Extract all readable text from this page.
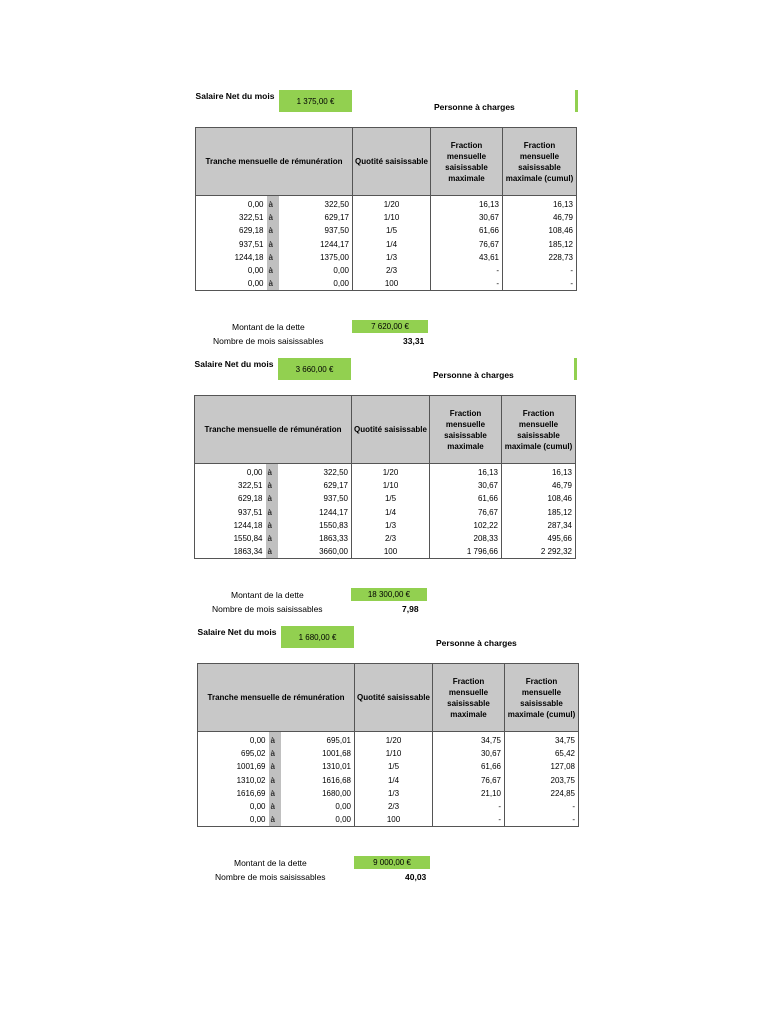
Salaire Net du mois	1 375,00 €
Personne à charges
Tranche mensuelle de rémunération			Quotité saisissable	Fraction mensuelle saisissable maximale	Fraction mensuelle saisissable maximale (cumul)
0,00	à	322,50	1/20	16,13	16,13
322,51	à	629,17	1/10	30,67	46,79
629,18	à	937,50	1/5	61,66	108,46
937,51	à	1244,17	1/4	76,67	185,12
1244,18	à	1375,00	1/3	43,61	228,73
0,00	à	0,00	2/3	-	-
0,00	à	0,00	100	-	-
Montant de la dette	7 620,00 €
Nombre de mois saisissables	33,31
Salaire Net du mois	3 660,00 €
Personne à charges
Tranche mensuelle de rémunération			Quotité saisissable	Fraction mensuelle saisissable maximale	Fraction mensuelle saisissable maximale (cumul)
0,00	à	322,50	1/20	16,13	16,13
322,51	à	629,17	1/10	30,67	46,79
629,18	à	937,50	1/5	61,66	108,46
937,51	à	1244,17	1/4	76,67	185,12
1244,18	à	1550,83	1/3	102,22	287,34
1550,84	à	1863,33	2/3	208,33	495,66
1863,34	à	3660,00	100	1 796,66	2 292,32
Montant de la dette	18 300,00 €
Nombre de mois saisissables	7,98
Salaire Net du mois	1 680,00 €
Personne à charges
Tranche mensuelle de rémunération			Quotité saisissable	Fraction mensuelle saisissable maximale	Fraction mensuelle saisissable maximale (cumul)
0,00	à	695,01	1/20	34,75	34,75
695,02	à	1001,68	1/10	30,67	65,42
1001,69	à	1310,01	1/5	61,66	127,08
1310,02	à	1616,68	1/4	76,67	203,75
1616,69	à	1680,00	1/3	21,10	224,85
0,00	à	0,00	2/3	-	-
0,00	à	0,00	100	-	-
Montant de la dette	9 000,00 €
Nombre de mois saisissables	40,03
